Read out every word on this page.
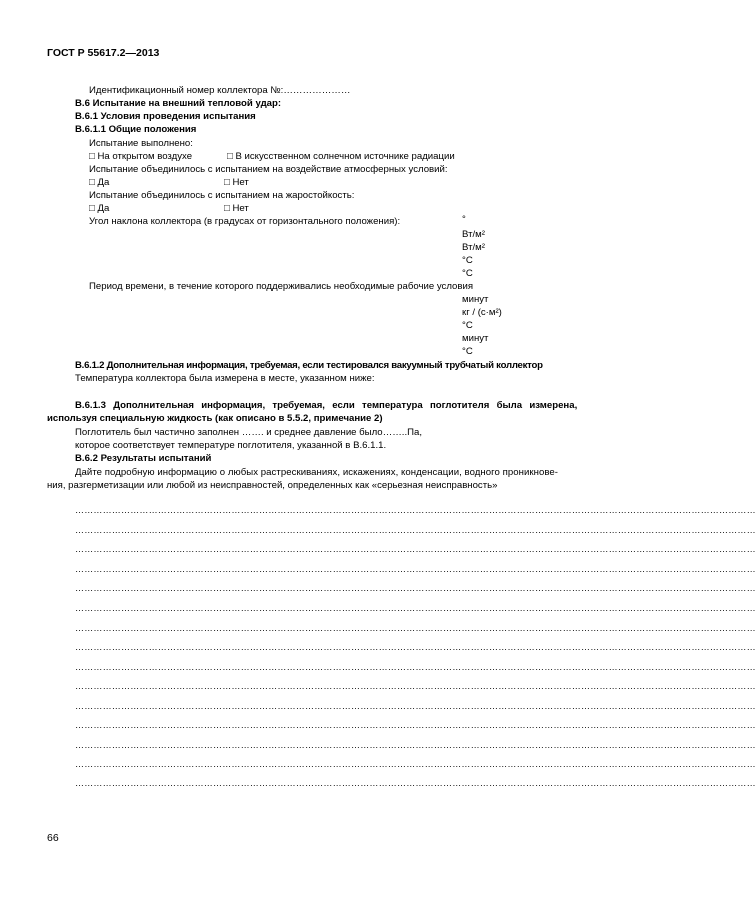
ГОСТ Р 55617.2—2013
Идентификационный номер коллектора №:…………………
В.6 Испытание на внешний тепловой удар:
В.6.1 Условия проведения испытания
В.6.1.1 Общие положения
Испытание выполнено:
□ На открытом воздухе	□ В искусственном солнечном источнике радиации
Испытание объединилось с испытанием на воздействие атмосферных условий:
□ Да	□ Нет
Испытание объединилось с испытанием на жаростойкость:
□ Да	□ Нет
Угол наклона коллектора (в градусах от горизонтального положения):	°
Вт/м²
Вт/м²
°С
°С
Период времени, в течение которого поддерживались необходимые рабочие условия
минут
кг / (с·м²)
°С
минут
°С
В.6.1.2 Дополнительная информация, требуемая, если тестировался вакуумный трубчатый коллектор
Температура коллектора была измерена в месте, указанном ниже:
В.6.1.3 Дополнительная информация, требуемая, если температура поглотителя была измерена,
используя специальную жидкость (как описано в 5.5.2, примечание 2)
Поглотитель был частично заполнен ……. и среднее давление было……..Па,
которое соответствует температуре поглотителя, указанной в В.6.1.1.
В.6.2 Результаты испытаний
Дайте подробную информацию о любых растрескиваниях, искажениях, конденсации, водного проникнове-
ния, разгерметизации или любой из неисправностей, определенных как «серьезная неисправность»
……………………………………………………………………………………………………………………………………………………………………………………………………
……………………………………………………………………………………………………………………………………………………………………………………………………
……………………………………………………………………………………………………………………………………………………………………………………………………
……………………………………………………………………………………………………………………………………………………………………………………………………
……………………………………………………………………………………………………………………………………………………………………………………………………
……………………………………………………………………………………………………………………………………………………………………………………………………
……………………………………………………………………………………………………………………………………………………………………………………………………
……………………………………………………………………………………………………………………………………………………………………………………………………
……………………………………………………………………………………………………………………………………………………………………………………………………
……………………………………………………………………………………………………………………………………………………………………………………………………
……………………………………………………………………………………………………………………………………………………………………………………………………
……………………………………………………………………………………………………………………………………………………………………………………………………
……………………………………………………………………………………………………………………………………………………………………………………………………
……………………………………………………………………………………………………………………………………………………………………………………………………
……………………………………………………………………………………………………………………………………………………………………………………………………
66
